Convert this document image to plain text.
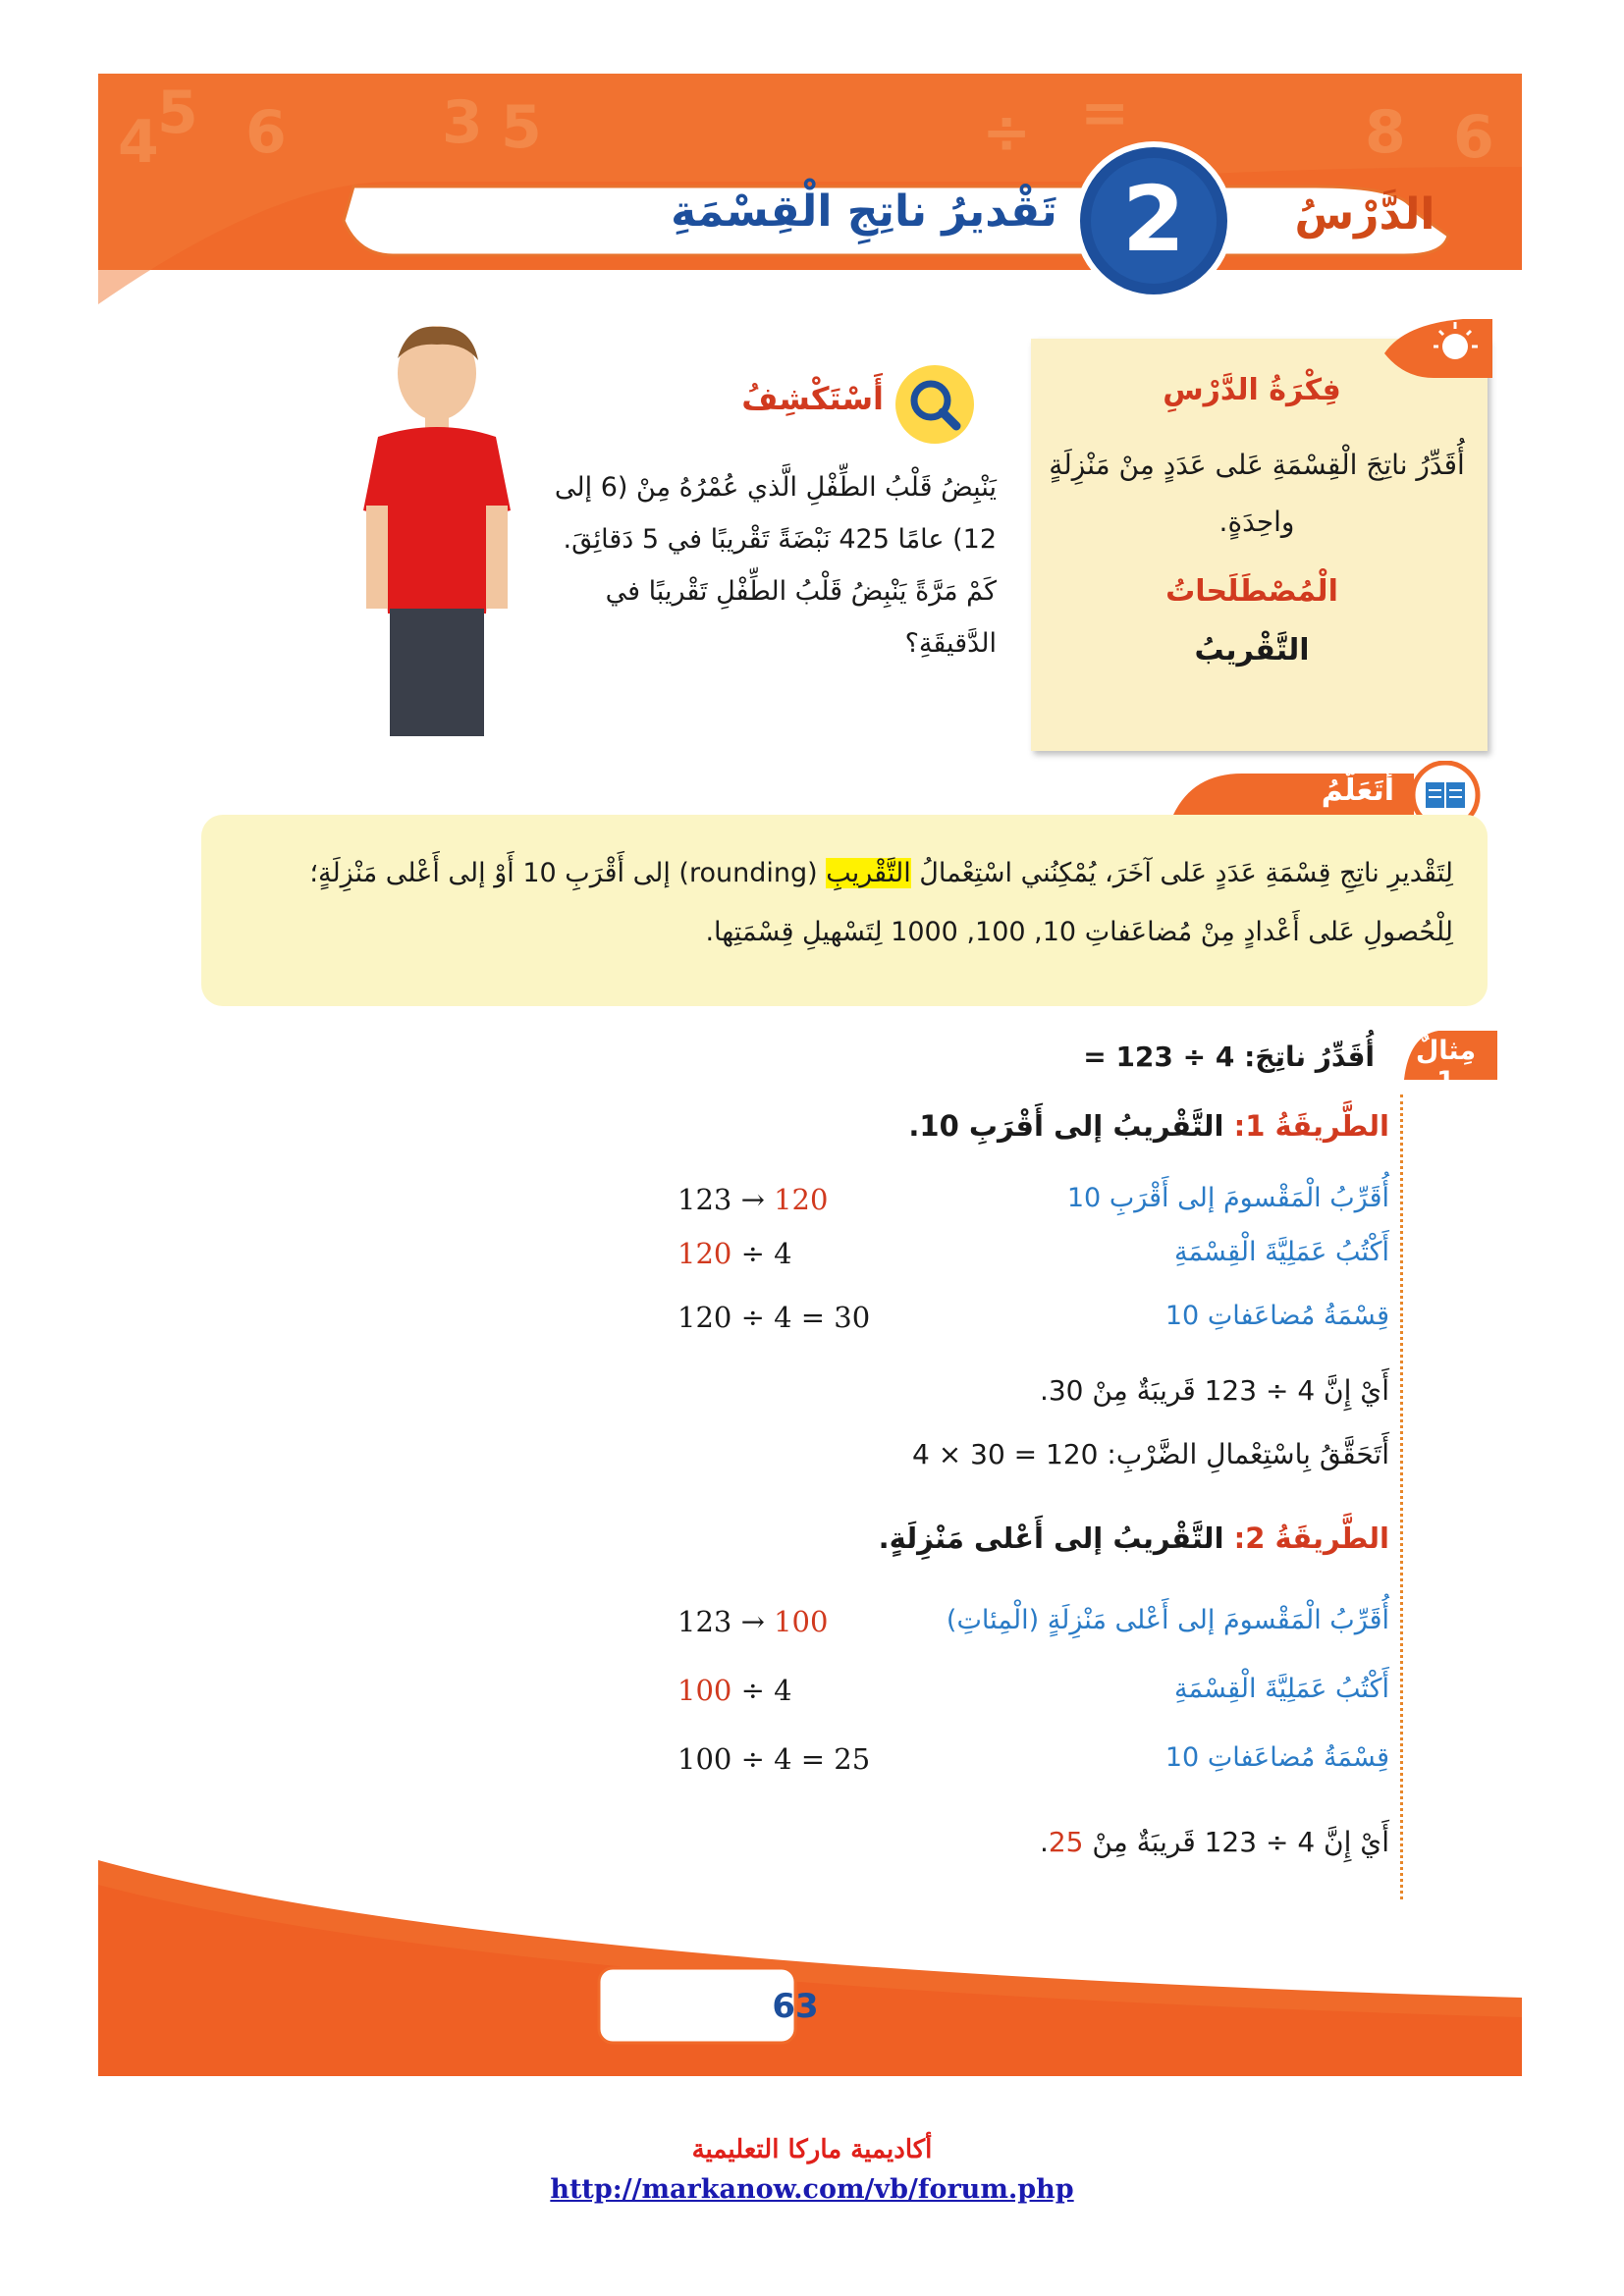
4
5 6	3 5	÷	8 6
=
الدَّرْسُ
2
تَقْديرُ ناتِجِ الْقِسْمَةِ
فِكْرَةُ الدَّرْسِ
أُقَدِّرُ ناتِجَ الْقِسْمَةِ عَلى عَدَدٍ مِنْ مَنْزِلَةٍ واحِدَةٍ.
الْمُصْطَلَحاتُ
التَّقْريبُ
أَسْتَكْشِفُ
يَنْبِضُ قَلْبُ الطِّفْلِ الَّذي عُمْرُهُ مِنْ (6 إلى 12) عامًا 425 نَبْضَةً تَقْريبًا في 5 دَقائِقَ. كَمْ مَرَّةً يَنْبِضُ قَلْبُ الطِّفْلِ تَقْريبًا في الدَّقيقَةِ؟
أَتَعَلَّمُ
لِتَقْديرِ ناتِجِ قِسْمَةِ عَدَدٍ عَلى آخَرَ، يُمْكِنُني اسْتِعْمالُ التَّقْريبِ (rounding) إلى أَقْرَبِ 10 أَوْ إلى أَعْلى مَنْزِلَةٍ؛ لِلْحُصولِ عَلى أَعْدادٍ مِنْ مُضاعَفاتِ 10, 100, 1000 لِتَسْهيلِ قِسْمَتِها.
مِثالٌ 1
أُقَدِّرُ ناتِجَ: 4 ÷ 123 =
الطَّريقَةُ 1: التَّقْريبُ إلى أَقْرَبِ 10.
أُقَرِّبُ الْمَقْسومَ إلى أَقْرَبِ 10
123 → 120
أَكْتُبُ عَمَلِيَّةَ الْقِسْمَةِ
120 ÷ 4
قِسْمَةُ مُضاعَفاتِ 10
120 ÷ 4 = 30
أَيْ إِنَّ 4 ÷ 123 قَريبَةٌ مِنْ 30.
أَتَحَقَّقُ بِاسْتِعْمالِ الضَّرْبِ: 120 = 30 × 4
الطَّريقَةُ 2: التَّقْريبُ إلى أَعْلى مَنْزِلَةٍ.
أُقَرِّبُ الْمَقْسومَ إلى أَعْلى مَنْزِلَةٍ (الْمِئاتِ)
123 → 100
أَكْتُبُ عَمَلِيَّةَ الْقِسْمَةِ
100 ÷ 4
قِسْمَةُ مُضاعَفاتِ 10
100 ÷ 4 = 25
أَيْ إِنَّ 4 ÷ 123 قَريبَةٌ مِنْ 25.
63
أكاديمية ماركا التعليمية
http://markanow.com/vb/forum.php
